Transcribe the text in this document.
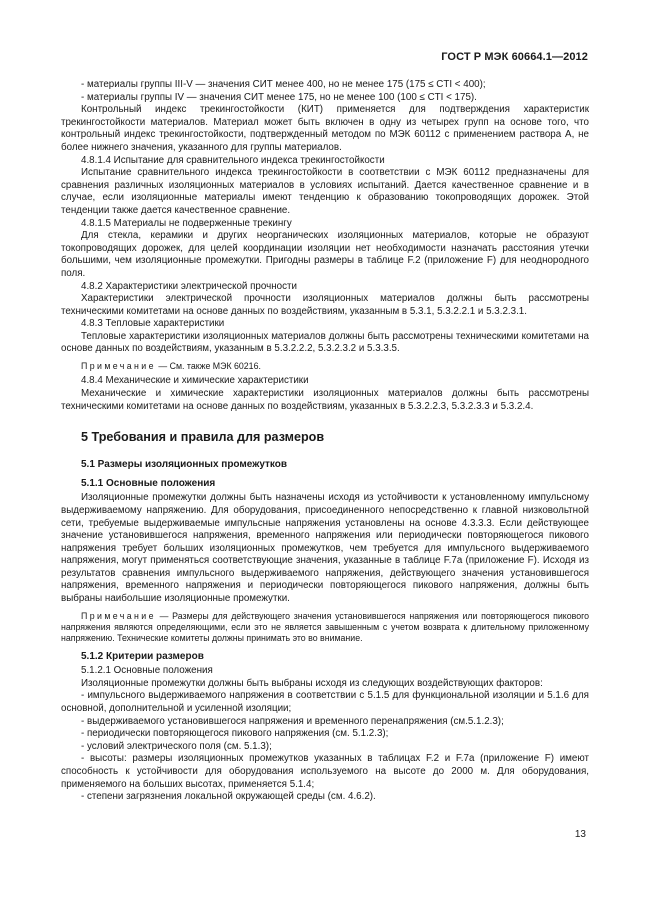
ГОСТ Р МЭК 60664.1—2012

- материалы группы III-V — значения СИТ менее 400, но не менее 175 (175 ≤ CTI < 400);

- материалы группы IV — значения СИТ менее 175, но не менее 100 (100 ≤ CTI < 175).

Контрольный индекс трекингостойкости (КИТ) применяется для подтверждения характеристик трекингостойкости материалов. Материал может быть включен в одну из четырех групп на основе того, что контрольный индекс трекингостойкости, подтвержденный методом по МЭК 60112 с применением раствора А, не более нижнего значения, указанного для группы материалов.

4.8.1.4 Испытание для сравнительного индекса трекингостойкости

Испытание сравнительного индекса трекингостойкости в соответствии с МЭК 60112 предназначены для сравнения различных изоляционных материалов в условиях испытаний. Дается качественное сравнение и в случае, если изоляционные материалы имеют тенденцию к образованию токопроводящих дорожек. Этой тенденции также дается качественное сравнение.

4.8.1.5 Материалы не подверженные трекингу

Для стекла, керамики и других неорганических изоляционных материалов, которые не образуют токопроводящих дорожек, для целей координации изоляции нет необходимости назначать расстояния утечки большими, чем изоляционные промежутки. Пригодны размеры в таблице F.2 (приложение F) для неоднородного поля.

4.8.2 Характеристики электрической прочности

Характеристики электрической прочности изоляционных материалов должны быть рассмотрены техническими комитетами на основе данных по воздействиям, указанным в 5.3.1, 5.3.2.2.1 и 5.3.2.3.1.

4.8.3 Тепловые характеристики

Тепловые характеристики изоляционных материалов должны быть рассмотрены техническими комитетами на основе данных по воздействиям, указанным в 5.3.2.2.2, 5.3.2.3.2 и 5.3.3.5.

Примечание — См. также МЭК 60216.

4.8.4 Механические и химические характеристики

Механические и химические характеристики изоляционных материалов должны быть рассмотрены техническими комитетами на основе данных по воздействиям, указанных в 5.3.2.2.3, 5.3.2.3.3 и 5.3.2.4.

5 Требования и правила для размеров
5.1 Размеры изоляционных промежутков
5.1.1 Основные положения

Изоляционные промежутки должны быть назначены исходя из устойчивости к установленному импульсному выдерживаемому напряжению. Для оборудования, присоединенного непосредственно к главной низковольтной сети, требуемые выдерживаемые импульсные напряжения установлены на основе 4.3.3.3. Если действующее значение установившегося напряжения, временного напряжения или периодически повторяющегося пикового напряжения требует больших изоляционных промежутков, чем требуется для импульсного выдерживаемого напряжения, могут применяться соответствующие значения, указанные в таблице F.7a (приложение F). Исходя из результатов сравнения импульсного выдерживаемого напряжения, действующего значения установившегося напряжения, временного напряжения и периодически повторяющегося пикового напряжения, должны быть выбраны наибольшие изоляционные промежутки.

Примечание — Размеры для действующего значения установившегося напряжения или повторяющегося пикового напряжения являются определяющими, если это не является завышенным с учетом возврата к длительному приложенному напряжению. Технические комитеты должны принимать это во внимание.

5.1.2 Критерии размеров

5.1.2.1 Основные положения

Изоляционные промежутки должны быть выбраны исходя из следующих воздействующих факторов:

- импульсного выдерживаемого напряжения в соответствии с 5.1.5 для функциональной изоляции и 5.1.6 для основной, дополнительной и усиленной изоляции;

- выдерживаемого установившегося напряжения и временного перенапряжения (см.5.1.2.3);

- периодически повторяющегося пикового напряжения (см. 5.1.2.3);

- условий электрического поля (см. 5.1.3);

- высоты: размеры изоляционных промежутков указанных в таблицах F.2 и F.7а (приложение F) имеют способность к устойчивости для оборудования используемого на высоте до 2000 м. Для оборудования, применяемого на больших высотах, применяется 5.1.4;

- степени загрязнения локальной окружающей среды (см. 4.6.2).

13
